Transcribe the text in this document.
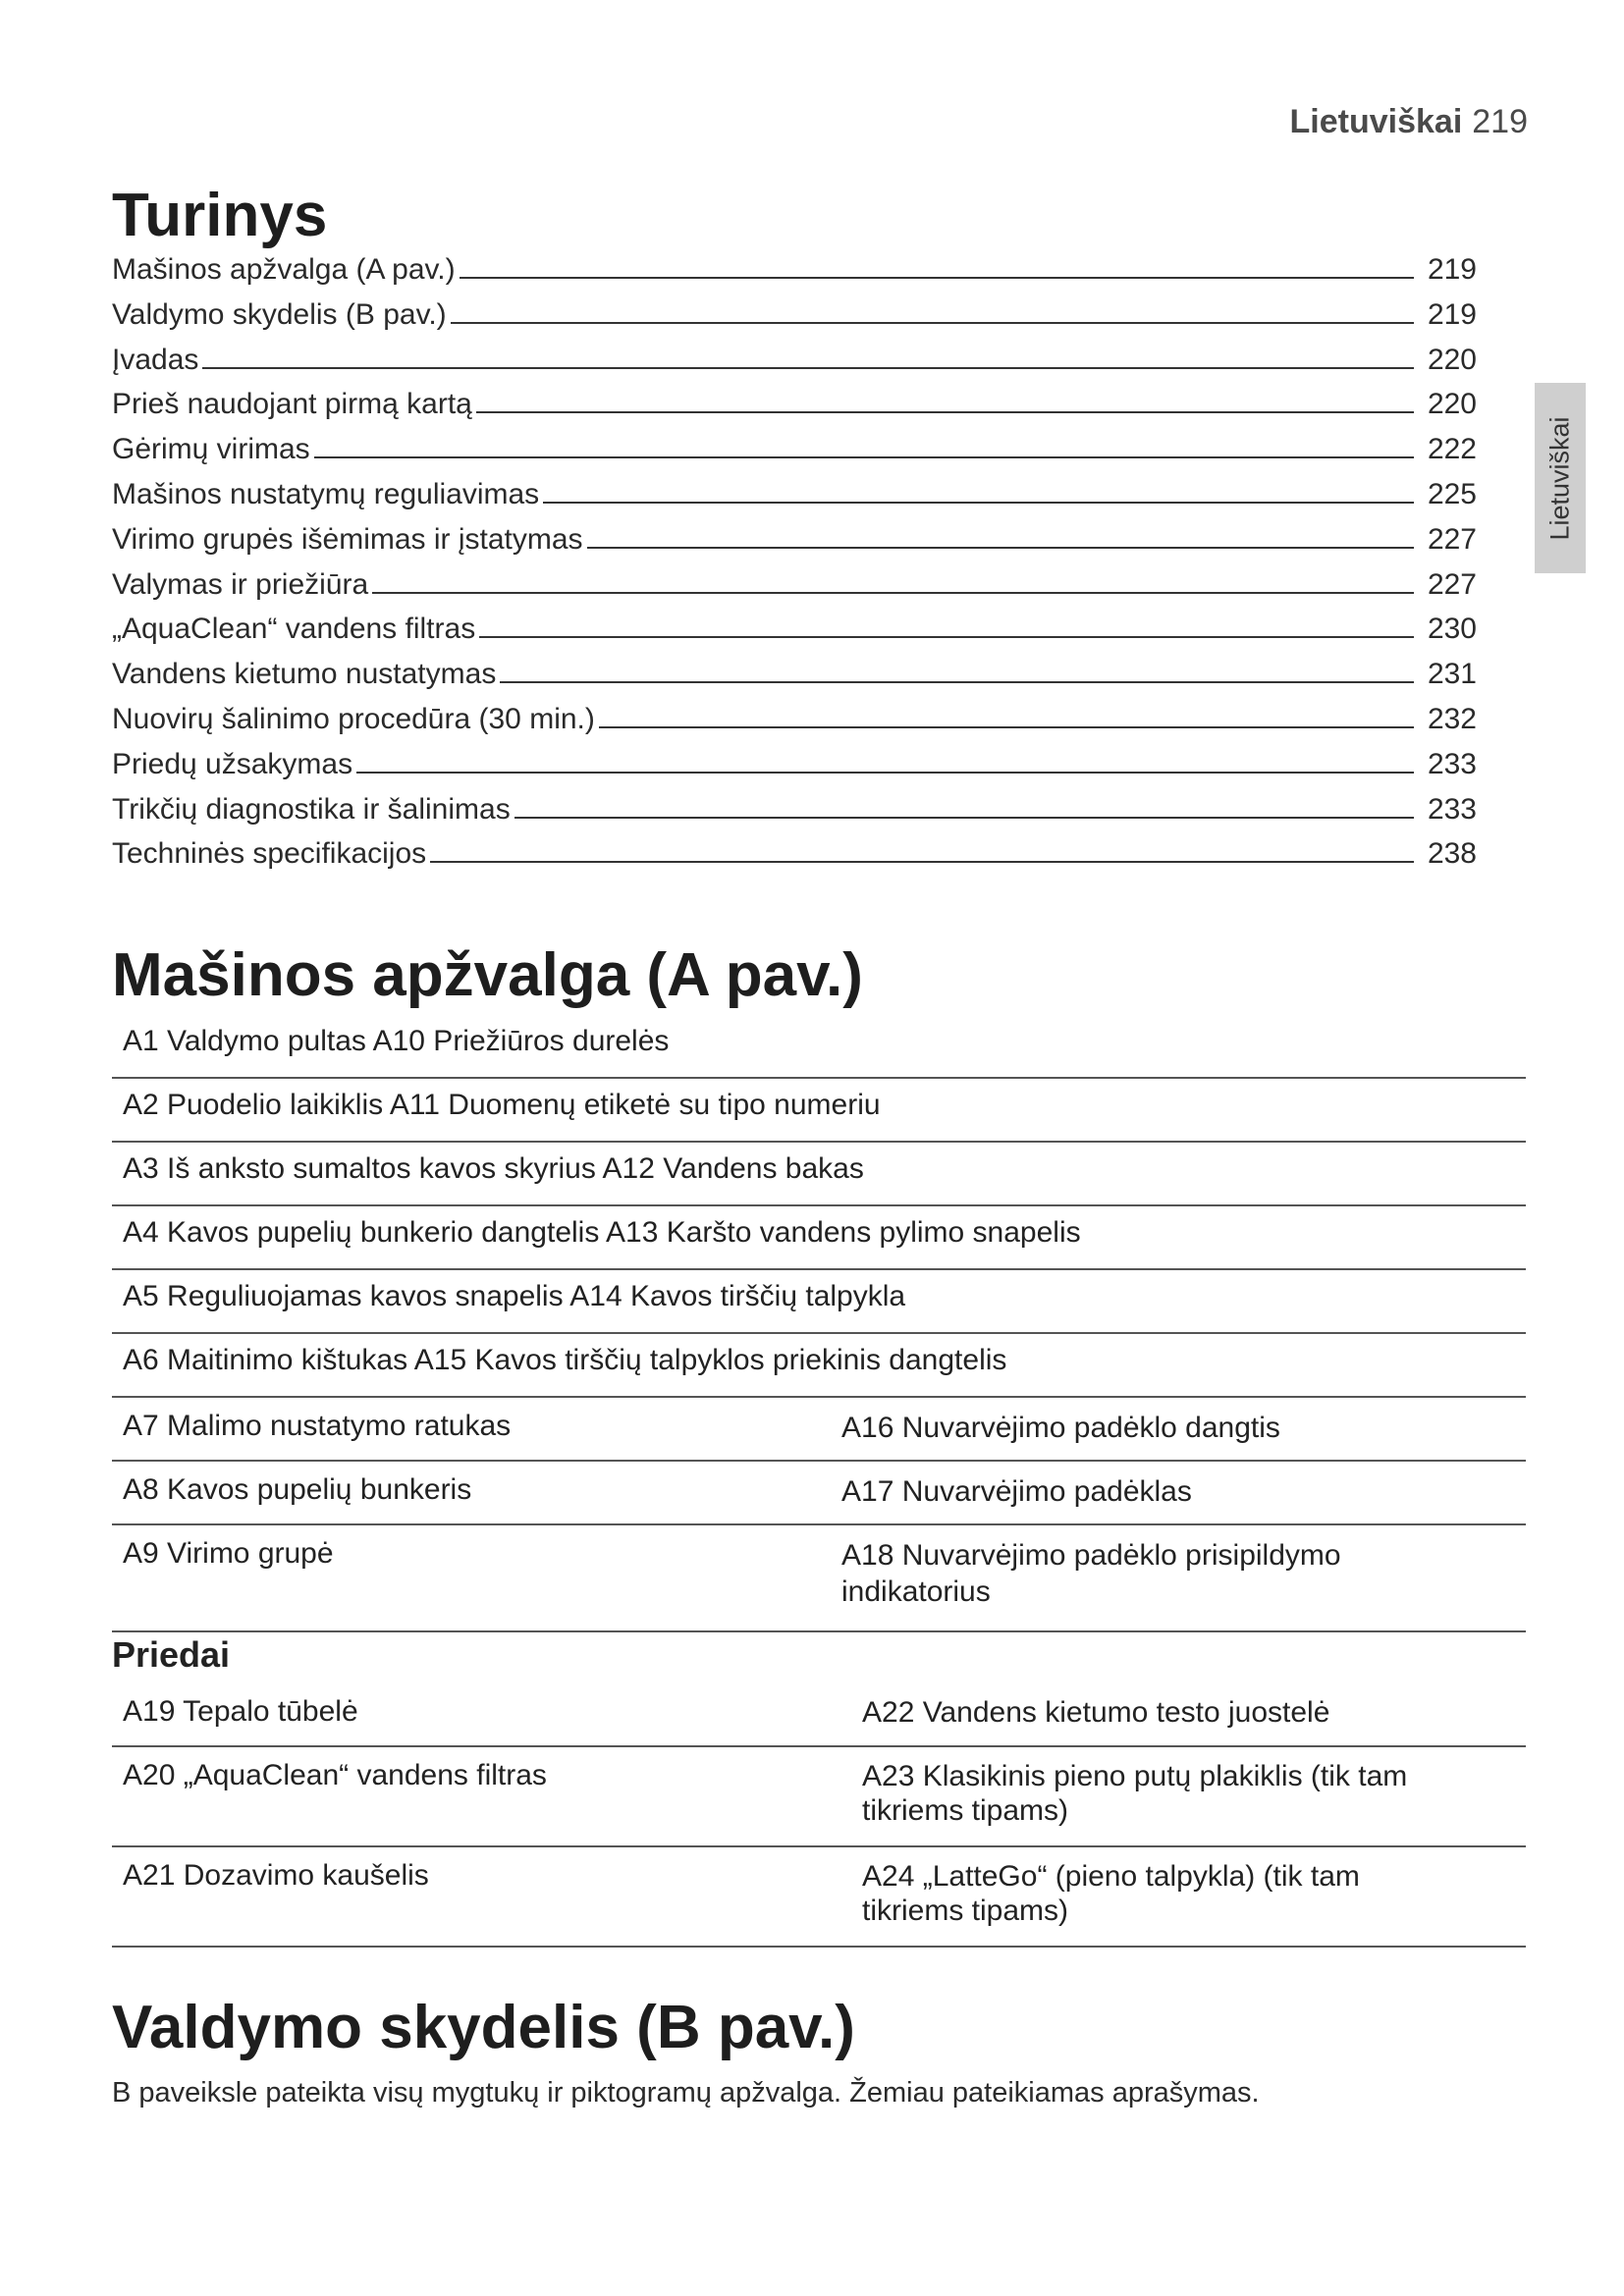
Lietuviškai 219
Lietuviškai
Turinys
Mašinos apžvalga (A pav.)	219
Valdymo skydelis (B pav.)	219
Įvadas	220
Prieš naudojant pirmą kartą	220
Gėrimų virimas	222
Mašinos nustatymų reguliavimas	225
Virimo grupės išėmimas ir įstatymas	227
Valymas ir priežiūra	227
„AquaClean“ vandens filtras	230
Vandens kietumo nustatymas	231
Nuovirų šalinimo procedūra (30 min.)	232
Priedų užsakymas	233
Trikčių diagnostika ir šalinimas	233
Techninės specifikacijos	238
Mašinos apžvalga (A pav.)
A1 Valdymo pultas A10 Priežiūros durelės
A2 Puodelio laikiklis A11 Duomenų etiketė su tipo numeriu
A3 Iš anksto sumaltos kavos skyrius A12 Vandens bakas
A4 Kavos pupelių bunkerio dangtelis A13 Karšto vandens pylimo snapelis
A5 Reguliuojamas kavos snapelis A14 Kavos tirščių talpykla
A6 Maitinimo kištukas A15 Kavos tirščių talpyklos priekinis dangtelis
A7 Malimo nustatymo ratukas	A16 Nuvarvėjimo padėklo dangtis
A8 Kavos pupelių bunkeris	A17 Nuvarvėjimo padėklas
A9 Virimo grupė	A18 Nuvarvėjimo padėklo prisipildymo indikatorius
Priedai
A19 Tepalo tūbelė	A22 Vandens kietumo testo juostelė
A20 „AquaClean“ vandens filtras	A23 Klasikinis pieno putų plakiklis (tik tam tikriems tipams)
A21 Dozavimo kaušelis	A24 „LatteGo“ (pieno talpykla) (tik tam tikriems tipams)
Valdymo skydelis (B pav.)
B paveiksle pateikta visų mygtukų ir piktogramų apžvalga. Žemiau pateikiamas aprašymas.
